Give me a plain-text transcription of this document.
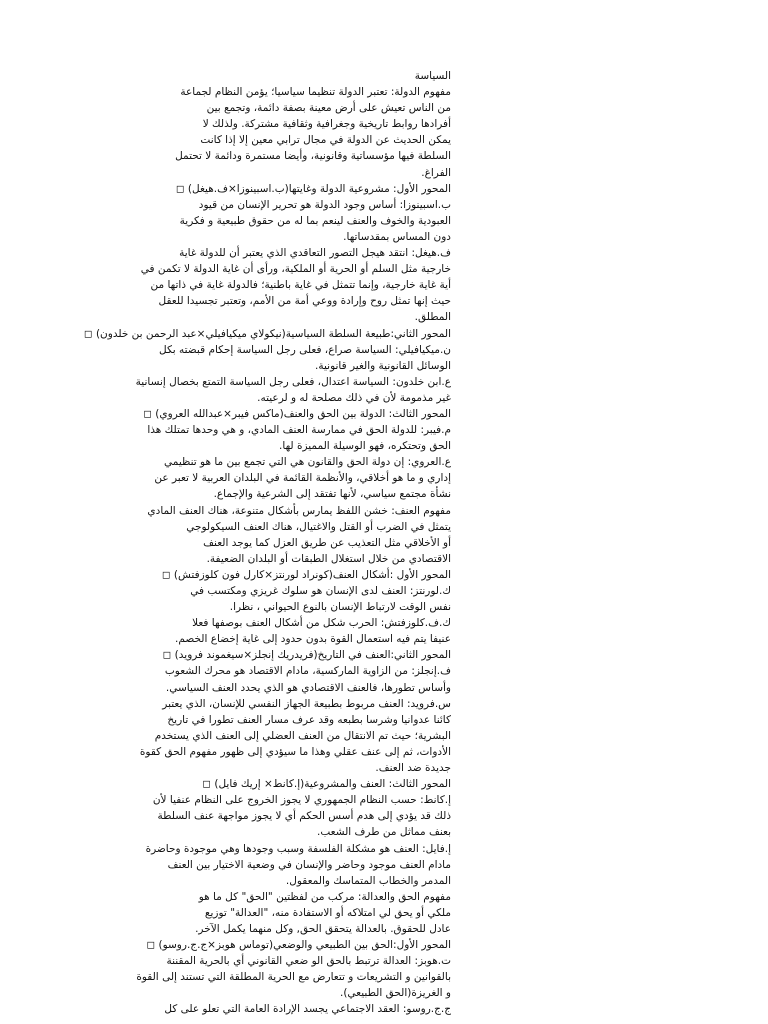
السياسة
مفهوم الدولة: تعتبر الدولة تنظيما سياسيا؛ يؤمن النظام لجماعة
من الناس تعيش على أرض معينة بصفة دائمة، وتجمع بين
أفرادها روابط تاريخية وجغرافية وثقافية مشتركة. ولذلك لا
يمكن الحديث عن الدولة في مجال ترابي معين إلا إذا كانت
السلطة فيها مؤسساتية وقانونية، وأيضا مستمرة ودائمة لا تحتمل
الفراغ.
المحور الأول: مشروعية الدولة وغايتها(ب.اسبينوزا×ف.هيغل) ◻
ب.اسبينوزا: أساس وجود الدولة هو تحرير الإنسان من قيود
العبودية والخوف والعنف لينعم بما له من حقوق طبيعية و فكرية
دون المساس بمقدساتها.
ف.هيغل: انتقد هيجل التصور التعاقدي الذي يعتبر أن للدولة غاية
خارجية مثل السلم أو الحرية أو الملكية، ورأى أن غاية الدولة لا تكمن في
أية غاية خارجية، وإنما تتمثل في غاية باطنية؛ فالدولة غاية في ذاتها من
حيث إنها تمثل روح وإرادة ووعي أمة من الأمم، وتعتبر تجسيدا للعقل
المطلق.
المحور الثاني:طبيعة السلطة السياسية(نيكولاي ميكيافيلي×عبد الرحمن بن خلدون) ◻
ن.ميكيافيلي: السياسة صراع، فعلى رجل السياسة إحكام قبضته بكل
الوسائل القانونية والغير قانونية.
ع.ابن خلدون: السياسة اعتدال، فعلى رجل السياسة التمتع بخصال إنسانية
غير مذمومة لأن في ذلك مصلحة له و لرعيته.
المحور الثالث: الدولة بين الحق والعنف(ماكس فيبر×عبدالله العروي) ◻
م.فيبر: للدولة الحق في ممارسة العنف المادي، و هي وحدها تمتلك هذا
الحق وتحتكره، فهو الوسيلة المميزة لها.
ع.العروي: إن دولة الحق والقانون هي التي تجمع بين ما هو تنظيمي
إداري و ما هو أخلاقي، والأنظمة القائمة في البلدان العربية لا تعبر عن
نشأة مجتمع سياسي، لأنها تفتقد إلى الشرعية والإجماع.
مفهوم العنف: خشن اللفظ يمارس بأشكال متنوعة، هناك العنف المادي
يتمثل في الضرب أو القتل والاغتيال، هناك العنف السيكولوجي
أو الأخلاقي مثل التعذيب عن طريق العزل كما يوجد العنف
الاقتصادي من خلال استغلال الطبقات أو البلدان الضعيفة.
المحور الأول :أشكال العنف(كونراد لورنتز×كارل فون كلوزفتش) ◻
ك.لورنتز: العنف لدى الإنسان هو سلوك غريزي ومكتسب في
نفس الوقت لارتباط الإنسان بالنوع الحيواني ، نظرا.
ك.ف.كلوزفتش: الحرب شكل من أشكال العنف بوصفها فعلا
عنيفا يتم فيه استعمال القوة بدون حدود إلى غاية إخضاع الخصم.
المحور الثاني:العنف في التاريخ(فريدريك إنجلز×سيغموند فرويد) ◻
ف.إنجلز: من الزاوية الماركسية، مادام الاقتصاد هو محرك الشعوب
وأساس تطورها، فالعنف الاقتصادي هو الذي يحدد العنف السياسي.
س.فرويد: العنف مربوط بطبيعة الجهاز النفسي للإنسان، الذي يعتبر
كائنا عدوانيا وشرسا بطبعه وقد عرف مسار العنف تطورا في تاريخ
البشرية؛ حيث تم الانتقال من العنف العضلي إلى العنف الذي يستخدم
الأدوات، ثم إلى عنف عقلي وهذا ما سيؤدي إلى ظهور مفهوم الحق كقوة
جديدة ضد العنف.
المحور الثالث: العنف والمشروعية(إ.كانط× إريك فايل) ◻
إ.كانط: حسب النظام الجمهوري لا يجوز الخروج على النظام عنفيا لأن
ذلك قد يؤدي إلى هدم أسس الحكم أي لا يجوز مواجهة عنف السلطة
بعنف مماثل من طرف الشعب.
إ.فايل: العنف هو مشكلة الفلسفة وسبب وجودها وهي موجودة وحاضرة
مادام العنف موجود وحاضر والإنسان في وضعية الاختيار بين العنف
المدمر والخطاب المتماسك والمعقول.
مفهوم الحق والعدالة: مركب من لفظتين "الحق" كل ما هو
ملكي أو يحق لي امتلاكه أو الاستفادة منه، "العدالة" توزيع
عادل للحقوق. بالعدالة يتحقق الحق, وكل منهما يكمل الآخر.
المحور الأول:الحق بين الطبيعي والوضعي(توماس هوبز×ج.ج.روسو) ◻
ت.هوبز: العدالة ترتبط بالحق الو ضعي القانوني أي بالحرية المقننة
بالقوانين و التشريعات و تتعارض مع الحرية المطلقة التي تستند إلى القوة
و الغريزة(الحق الطبيعي).
ج.ج.روسو: العقد الاجتماعي يجسد الإرادة العامة التي تعلو على كل
